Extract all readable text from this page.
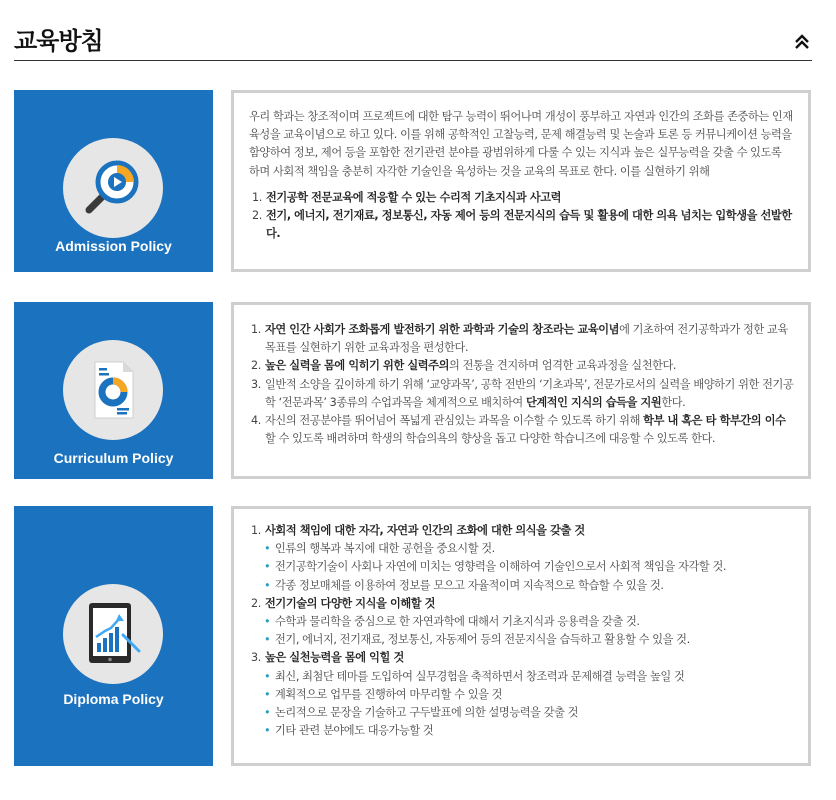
교육방침
Admission Policy

우리 학과는 창조적이며 프로젝트에 대한 탐구 능력이 뛰어나며 개성이 풍부하고 자연과 인간의 조화를 존중하는 인재 육성을 교육이념으로 하고 있다. 이를 위해 공학적인 고찰능력, 문제 해결능력 및 논술과 토론 등 커뮤니케이션 능력을 함양하여 정보, 제어 등을 포함한 전기관련 분야를 광범위하게 다룰 수 있는 지식과 높은 실무능력을 갖출 수 있도록 하며 사회적 책임을 충분히 자각한 기술인을 육성하는 것을 교육의 목표로 한다. 이를 실현하기 위해

1. 전기공학 전문교육에 적응할 수 있는 수리적 기초지식과 사고력
2. 전기, 에너지, 전기재료, 정보통신, 자동 제어 등의 전문지식의 습득 및 활용에 대한 의욕 넘치는 입학생을 선발한다.
Curriculum Policy
1. 자연 인간 사회가 조화롭게 발전하기 위한 과학과 기술의 창조라는 교육이념에 기초하여 전기공학과가 정한 교육 목표를 실현하기 위한 교육과정을 편성한다.
2. 높은 실력을 몸에 익히기 위한 실력주의의 전통을 견지하며 엄격한 교육과정을 실천한다.
3. 일반적 소양을 깊이하게 하기 위해 ‘교양과목’, 공학 전반의 ‘기초과목’, 전문가로서의 실력을 배양하기 위한 전기공학 ‘전문과목’ 3종류의 수업과목을 체계적으로 배치하여 단계적인 지식의 습득을 지원한다.
4. 자신의 전공분야를 뛰어넘어 폭넓게 관심있는 과목을 이수할 수 있도록 하기 위해 학부 내 혹은 타 학부간의 이수할 수 있도록 배려하며 학생의 학습의욕의 향상을 돕고 다양한 학습니즈에 대응할 수 있도록 한다.
Diploma Policy
1. 사회적 책임에 대한 자각, 자연과 인간의 조화에 대한 의식을 갖출 것
• 인류의 행복과 복지에 대한 공헌을 중요시할 것.
• 전기공학기술이 사회나 자연에 미치는 영향력을 이해하여 기술인으로서 사회적 책임을 자각할 것.
• 각종 정보매체를 이용하여 정보를 모으고 자율적이며 지속적으로 학습할 수 있을 것.
2. 전기기술의 다양한 지식을 이해할 것
• 수학과 물리학을 중심으로 한 자연과학에 대해서 기초지식과 응용력을 갖출 것.
• 전기, 에너지, 전기재료, 정보통신, 자동제어 등의 전문지식을 습득하고 활용할 수 있을 것.
3. 높은 실천능력을 몸에 익힐 것
• 최신, 최첨단 테마를 도입하여 실무경험을 축적하면서 창조력과 문제해결 능력을 높일 것
• 계획적으로 업무를 진행하여 마무리할 수 있을 것
• 논리적으로 문장을 기술하고 구두발표에 의한 설명능력을 갖출 것
• 기타 관련 분야에도 대응가능할 것
